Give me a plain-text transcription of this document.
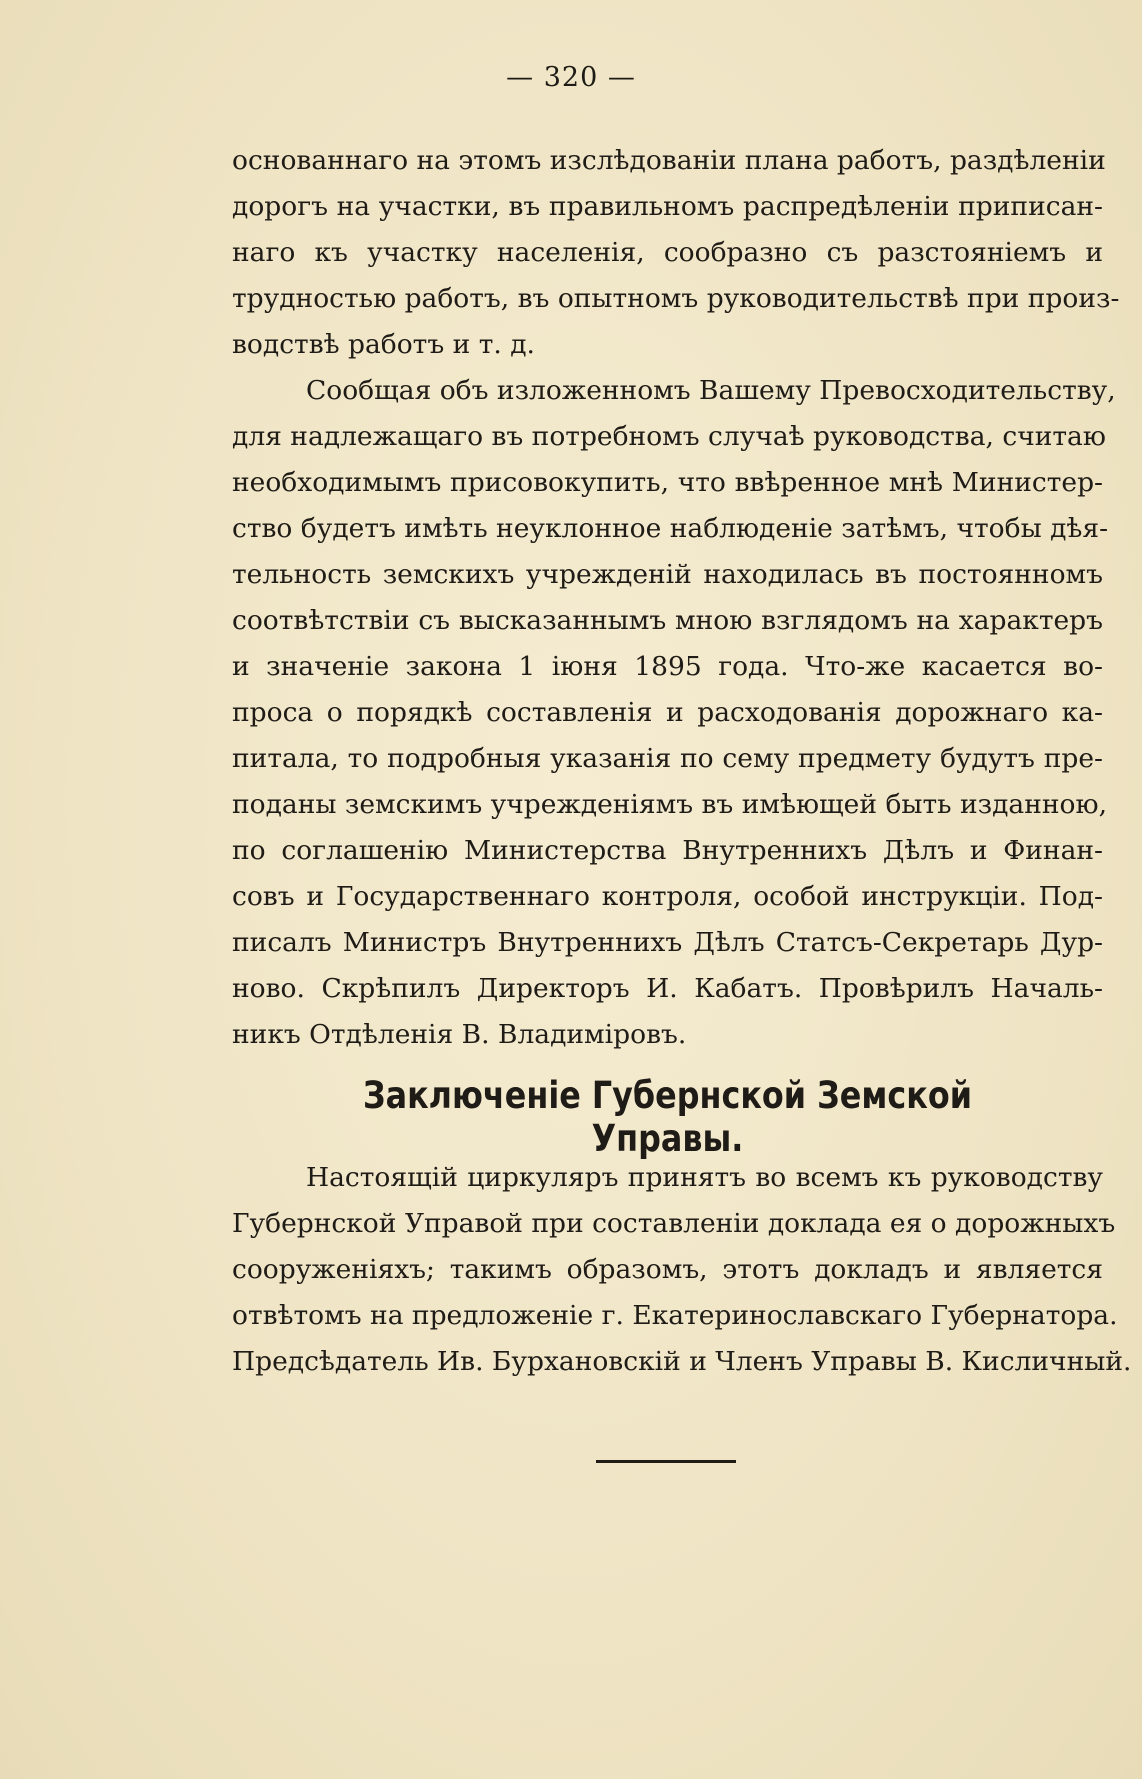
— 320 —
основаннаго на этомъ изслѣдованіи плана работъ, раздѣленіи
дорогъ на участки, въ правильномъ распредѣленіи приписан-
наго къ участку населенія, сообразно съ разстояніемъ и
трудностью работъ, въ опытномъ руководительствѣ при произ-
водствѣ работъ и т. д.
Сообщая объ изложенномъ Вашему Превосходительству,
для надлежащаго въ потребномъ случаѣ руководства, считаю
необходимымъ присовокупить, что ввѣренное мнѣ Министер-
ство будетъ имѣть неуклонное наблюденіе затѣмъ, чтобы дѣя-
тельность земскихъ учрежденій находилась въ постоянномъ
соотвѣтствіи съ высказаннымъ мною взглядомъ на характеръ
и значеніе закона 1 іюня 1895 года. Что-же касается во-
проса о порядкѣ составленія и расходованія дорожнаго ка-
питала, то подробныя указанія по сему предмету будутъ пре-
поданы земскимъ учрежденіямъ въ имѣющей быть изданною,
по соглашенію Министерства Внутреннихъ Дѣлъ и Финан-
совъ и Государственнаго контроля, особой инструкціи. Под-
писалъ Министръ Внутреннихъ Дѣлъ Статсъ-Секретарь Дур-
ново. Скрѣпилъ Директоръ И. Кабатъ. Провѣрилъ Началь-
никъ Отдѣленія В. Владиміровъ.
Заключеніе Губернской Земской Управы.
Настоящій циркуляръ принятъ во всемъ къ руководству
Губернской Управой при составленіи доклада ея о дорожныхъ
сооруженіяхъ; такимъ образомъ, этотъ докладъ и является
отвѣтомъ на предложеніе г. Екатеринославскаго Губернатора.
Предсѣдатель Ив. Бурхановскій и Членъ Управы В. Кисличный.
